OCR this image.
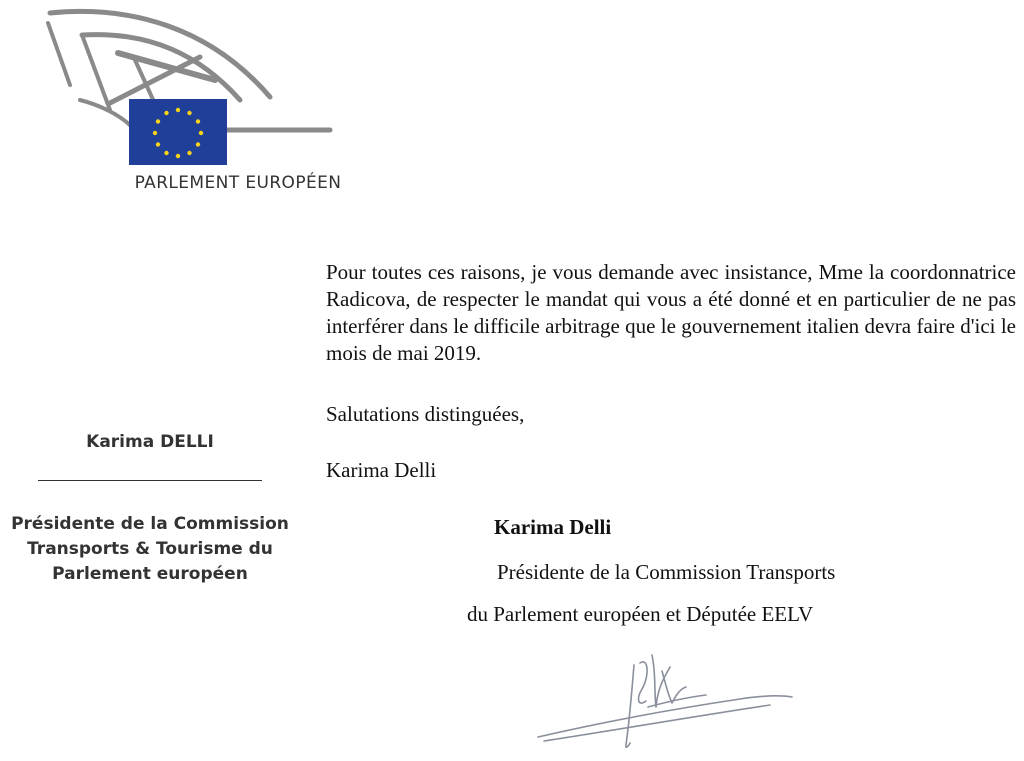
PARLEMENT EUROPÉEN
Karima DELLI
Présidente de la Commission Transports & Tourisme du Parlement européen

Pour toutes ces raisons, je vous demande avec insistance, Mme la coordonnatrice Radicova, de respecter le mandat qui vous a été donné et en particulier de ne pas interférer dans le difficile arbitrage que le gouvernement italien devra faire d'ici le mois de mai 2019.

Salutations distinguées,
Karima Delli
Karima Delli
Présidente de la Commission Transports
du Parlement européen et Députée EELV
